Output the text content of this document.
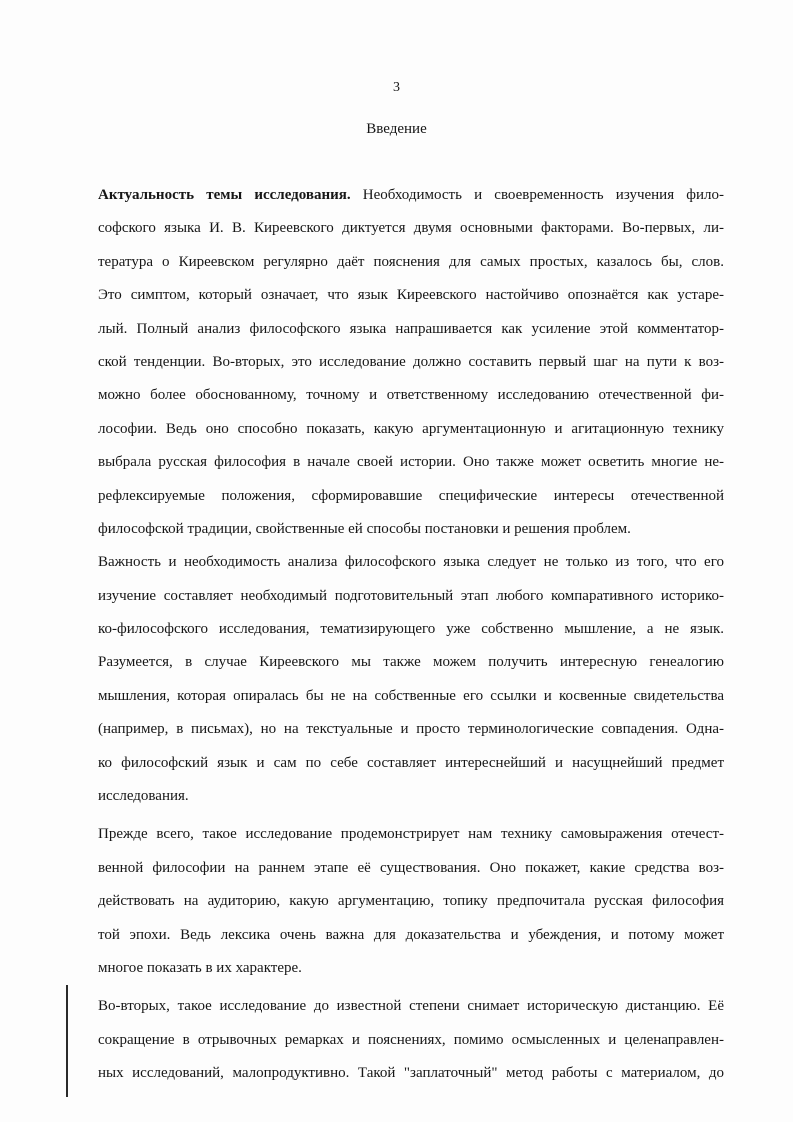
3
Введение
Актуальность темы исследования. Необходимость и своевременность изучения фило-
софского языка И. В. Киреевского диктуется двумя основными факторами. Во-первых, ли-
тература о Киреевском регулярно даёт пояснения для самых простых, казалось бы, слов.
Это симптом, который означает, что язык Киреевского настойчиво опознаётся как устаре-
лый. Полный анализ философского языка напрашивается как усиление этой комментатор-
ской тенденции. Во-вторых, это исследование должно составить первый шаг на пути к воз-
можно более обоснованному, точному и ответственному исследованию отечественной фи-
лософии. Ведь оно способно показать, какую аргументационную и агитационную технику
выбрала русская философия в начале своей истории. Оно также может осветить многие не-
рефлексируемые положения, сформировавшие специфические интересы отечественной
философской традиции, свойственные ей способы постановки и решения проблем.
Важность и необходимость анализа философского языка следует не только из того, что его
изучение составляет необходимый подготовительный этап любого компаративного историко-
ко-философского исследования, тематизирующего уже собственно мышление, а не язык.
Разумеется, в случае Киреевского мы также можем получить интересную генеалогию
мышления, которая опиралась бы не на собственные его ссылки и косвенные свидетельства
(например, в письмах), но на текстуальные и просто терминологические совпадения. Одна-
ко философский язык и сам по себе составляет интереснейший и насущнейший предмет
исследования.
Прежде всего, такое исследование продемонстрирует нам технику самовыражения отечест-
венной философии на раннем этапе её существования. Оно покажет, какие средства воз-
действовать на аудиторию, какую аргументацию, топику предпочитала русская философия
той эпохи. Ведь лексика очень важна для доказательства и убеждения, и потому может
многое показать в их характере.
Во-вторых, такое исследование до известной степени снимает историческую дистанцию. Её
сокращение в отрывочных ремарках и пояснениях, помимо осмысленных и целенаправлен-
ных исследований, малопродуктивно. Такой "заплаточный" метод работы с материалом, до
